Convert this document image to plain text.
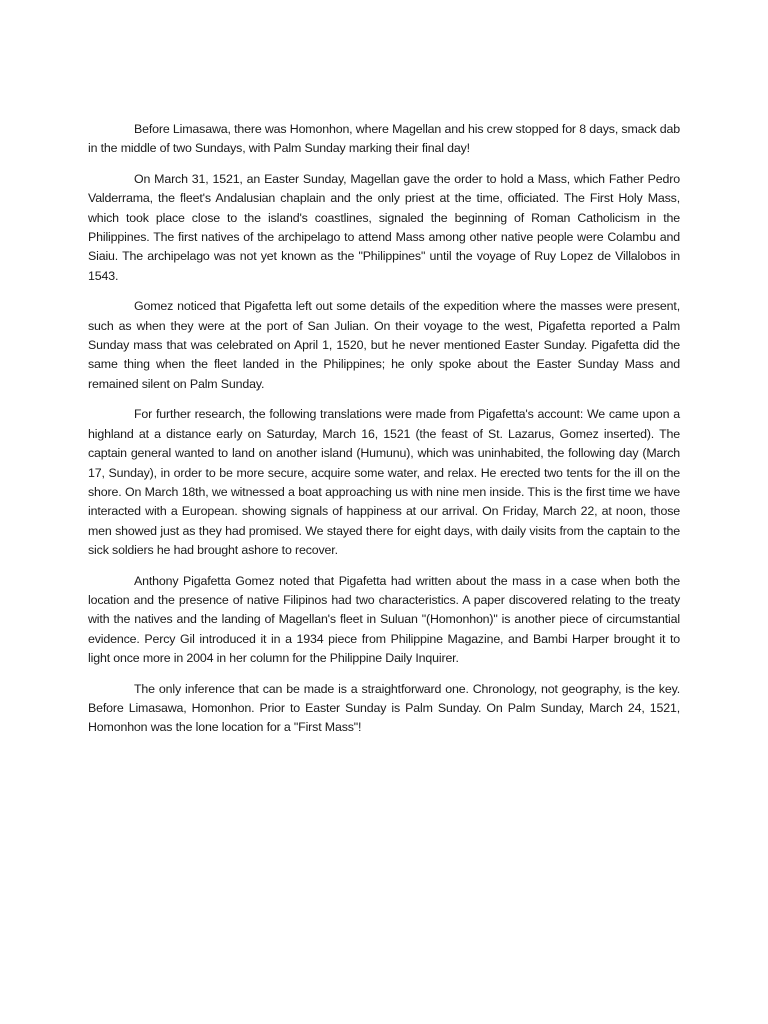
Before Limasawa, there was Homonhon, where Magellan and his crew stopped for 8 days, smack dab in the middle of two Sundays, with Palm Sunday marking their final day!

On March 31, 1521, an Easter Sunday, Magellan gave the order to hold a Mass, which Father Pedro Valderrama, the fleet's Andalusian chaplain and the only priest at the time, officiated. The First Holy Mass, which took place close to the island's coastlines, signaled the beginning of Roman Catholicism in the Philippines. The first natives of the archipelago to attend Mass among other native people were Colambu and Siaiu. The archipelago was not yet known as the "Philippines" until the voyage of Ruy Lopez de Villalobos in 1543.

Gomez noticed that Pigafetta left out some details of the expedition where the masses were present, such as when they were at the port of San Julian. On their voyage to the west, Pigafetta reported a Palm Sunday mass that was celebrated on April 1, 1520, but he never mentioned Easter Sunday. Pigafetta did the same thing when the fleet landed in the Philippines; he only spoke about the Easter Sunday Mass and remained silent on Palm Sunday.

For further research, the following translations were made from Pigafetta's account: We came upon a highland at a distance early on Saturday, March 16, 1521 (the feast of St. Lazarus, Gomez inserted). The captain general wanted to land on another island (Humunu), which was uninhabited, the following day (March 17, Sunday), in order to be more secure, acquire some water, and relax. He erected two tents for the ill on the shore. On March 18th, we witnessed a boat approaching us with nine men inside. This is the first time we have interacted with a European. showing signals of happiness at our arrival. On Friday, March 22, at noon, those men showed just as they had promised. We stayed there for eight days, with daily visits from the captain to the sick soldiers he had brought ashore to recover.

Anthony Pigafetta Gomez noted that Pigafetta had written about the mass in a case when both the location and the presence of native Filipinos had two characteristics. A paper discovered relating to the treaty with the natives and the landing of Magellan's fleet in Suluan "(Homonhon)" is another piece of circumstantial evidence. Percy Gil introduced it in a 1934 piece from Philippine Magazine, and Bambi Harper brought it to light once more in 2004 in her column for the Philippine Daily Inquirer.

The only inference that can be made is a straightforward one. Chronology, not geography, is the key. Before Limasawa, Homonhon. Prior to Easter Sunday is Palm Sunday. On Palm Sunday, March 24, 1521, Homonhon was the lone location for a "First Mass"!
